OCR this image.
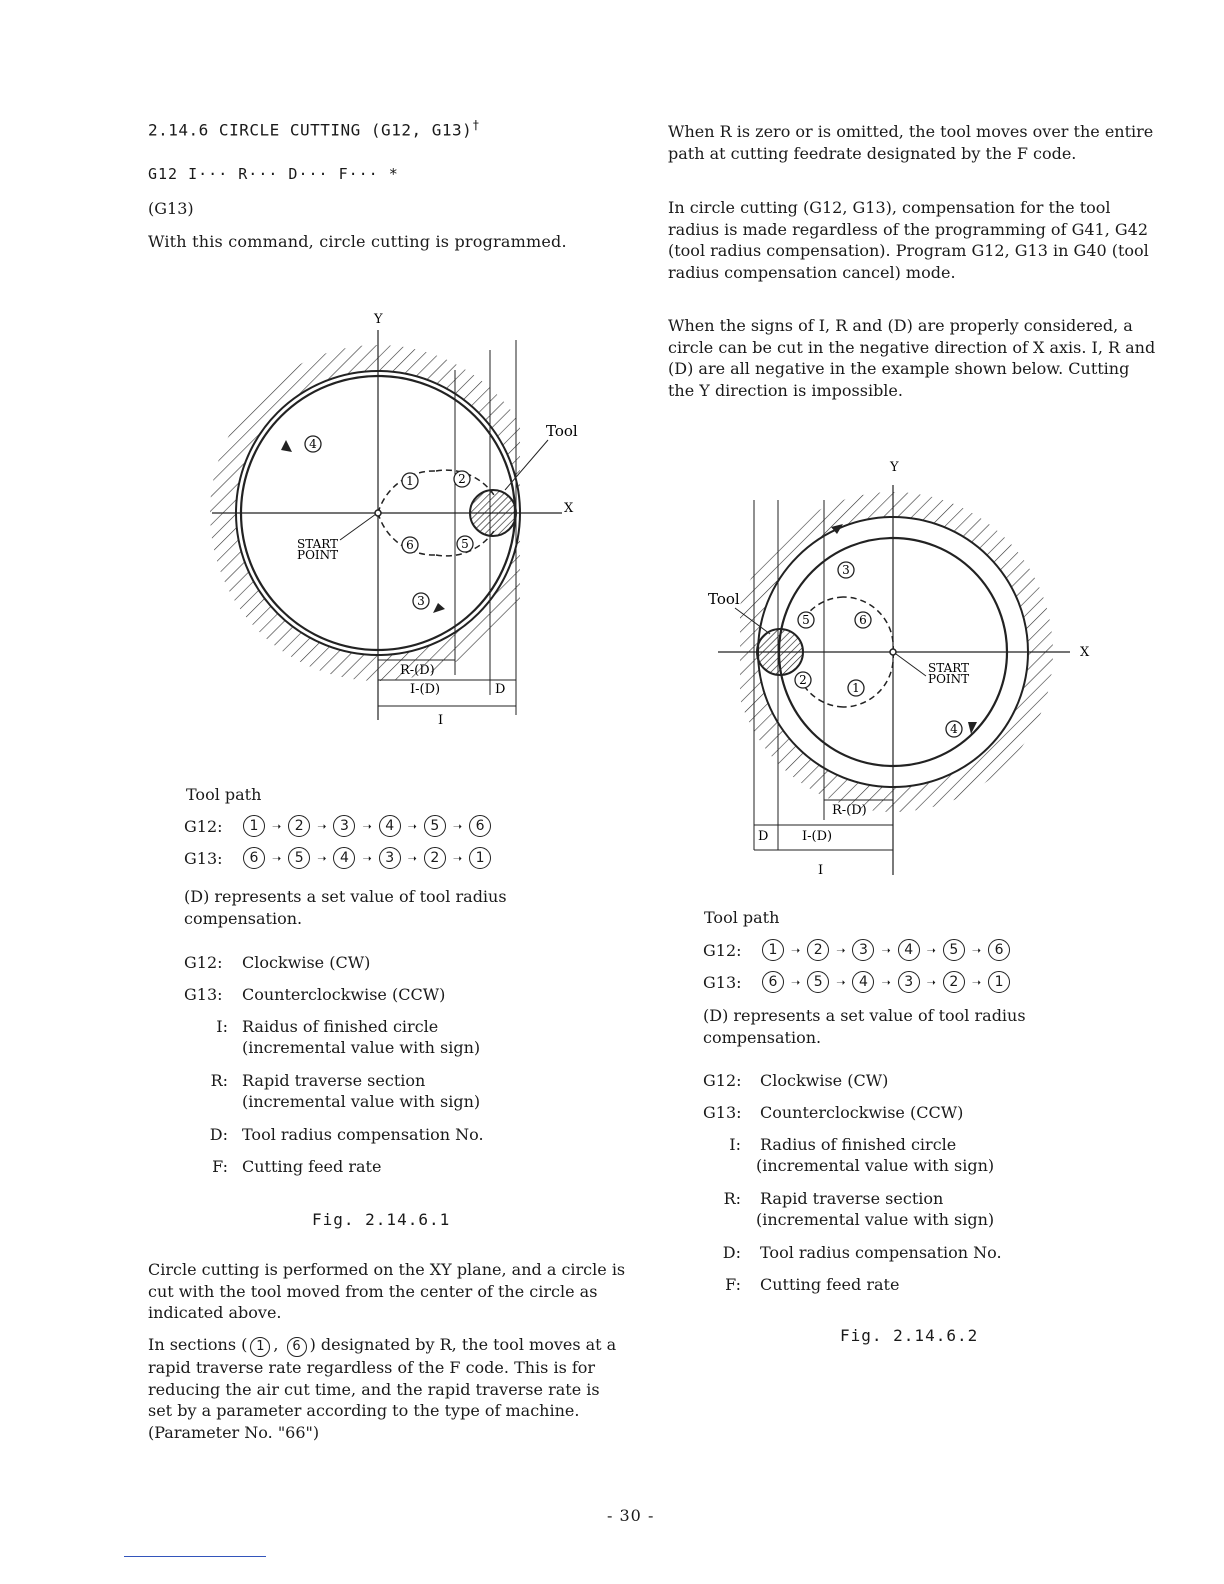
2.14.6 CIRCLE CUTTING (G12, G13)†
G12 I··· R··· D··· F··· *
(G13)
With this command, circle cutting is programmed.
Y
X
Tool
START
POINT
R-(D)
I-(D)	D
I
4
1	2
6	5
3
Tool path
G12:	1	➝ 2	➝ 3	➝ 4	➝ 5	➝ 6
G13:	6	➝ 5	➝ 4	➝ 3	➝ 2	➝ 1
(D) represents a set value of tool radius compensation.
G12:	Clockwise (CW)
G13:	Counterclockwise (CCW)
I: Raidus of finished circle
(incremental value with sign)
R: Rapid traverse section
(incremental value with sign)
D: Tool radius compensation No.
F: Cutting feed rate
Fig. 2.14.6.1
Circle cutting is performed on the XY plane, and a circle is cut with the tool moved from the center of the circle as indicated above.
In sections ( 1 , 6 ) designated by R, the tool moves at a rapid traverse rate regardless of the F code. This is for reducing the air cut time, and the rapid traverse rate is set by a parameter according to the type of machine. (Parameter No. "66")
When R is zero or is omitted, the tool moves over the entire path at cutting feedrate designated by the F code.
In circle cutting (G12, G13), compensation for the tool radius is made regardless of the programming of G41, G42 (tool radius compensation). Program G12, G13 in G40 (tool radius compensation cancel) mode.
When the signs of I, R and (D) are properly considered, a circle can be cut in the negative direction of X axis. I, R and (D) are all negative in the example shown below. Cutting the Y direction is impossible.
Y
X
Tool
START
POINT
R-(D)
I-(D)
D
I
3
5	6
2
1
4
Tool path
G12:	1	➝ 2	➝ 3	➝ 4	➝ 5	➝ 6
G13:	6	➝ 5	➝ 4	➝ 3	➝ 2	➝ 1
(D) represents a set value of tool radius compensation.
G12:	Clockwise (CW)
G13:	Counterclockwise (CCW)
I: Radius of finished circle
(incremental value with sign)
R: Rapid traverse section
(incremental value with sign)
D: Tool radius compensation No.
F: Cutting feed rate
Fig. 2.14.6.2
- 30 -
